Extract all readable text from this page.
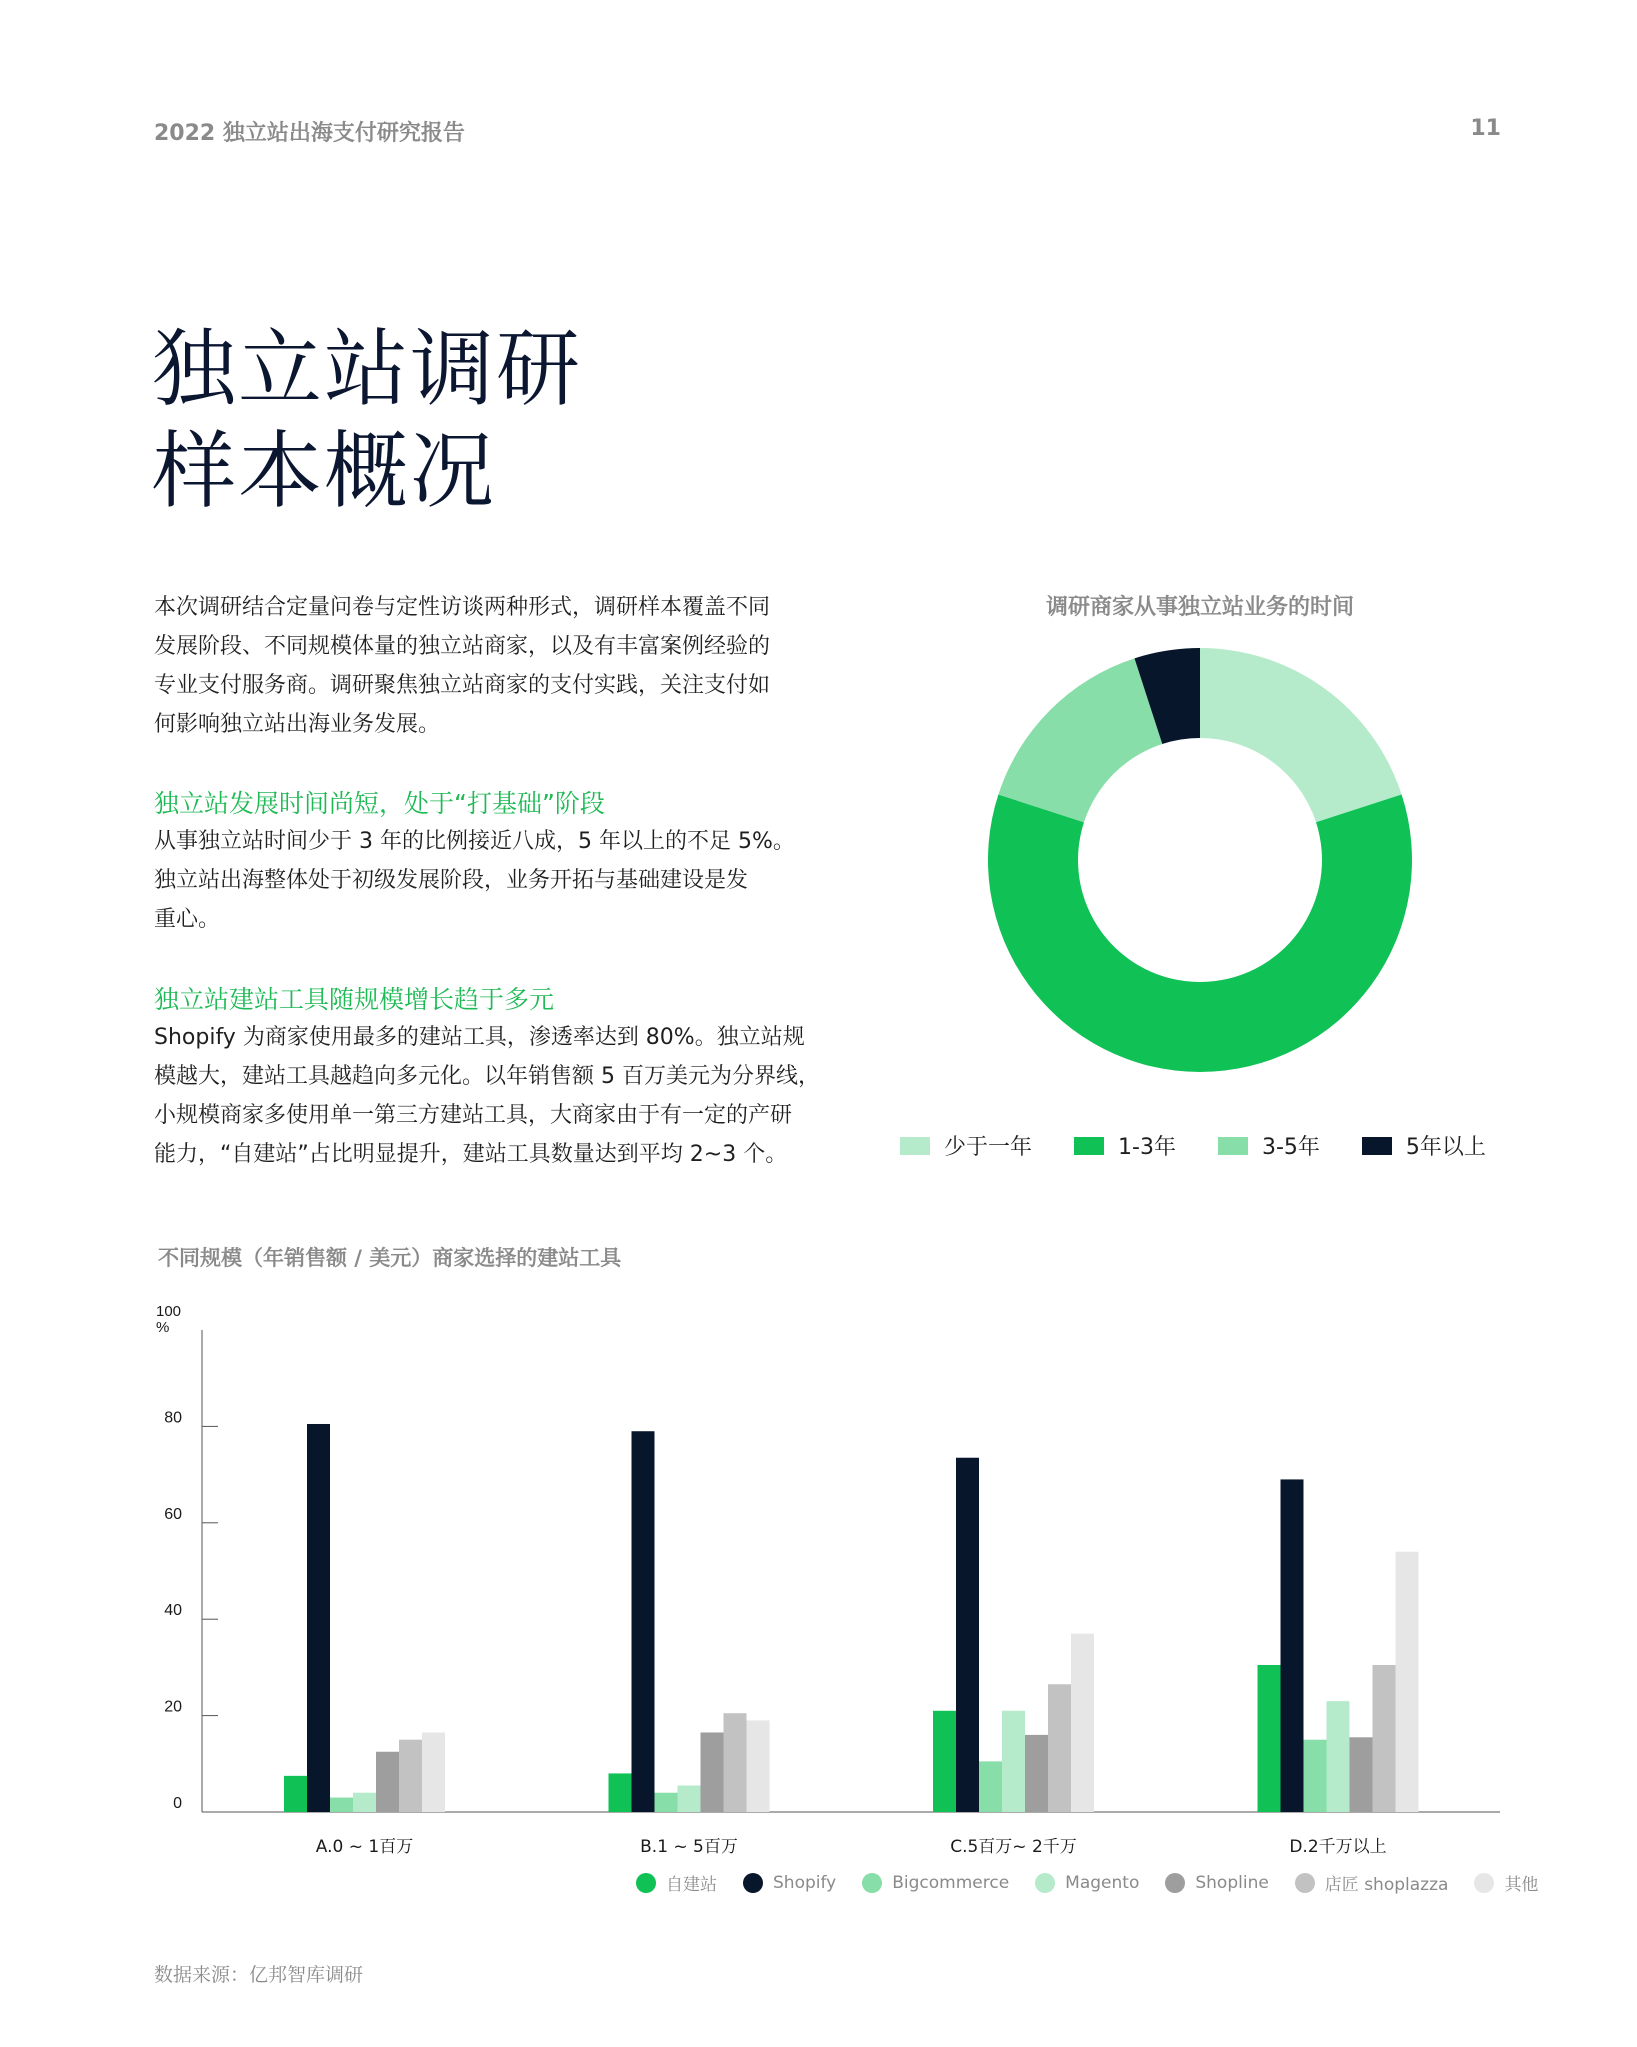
2022 独立站出海支付研究报告	11
独立站调研
样本概况
本次调研结合定量问卷与定性访谈两种形式，调研样本覆盖不同
发展阶段、不同规模体量的独立站商家，以及有丰富案例经验的
专业支付服务商。调研聚焦独立站商家的支付实践，关注支付如
何影响独立站出海业务发展。
独立站发展时间尚短，处于“打基础”阶段
从事独立站时间少于 3 年的比例接近八成，5 年以上的不足 5%。
独立站出海整体处于初级发展阶段，业务开拓与基础建设是发
重心。
独立站建站工具随规模增长趋于多元
Shopify 为商家使用最多的建站工具，渗透率达到 80%。独立站规
模越大，建站工具越趋向多元化。以年销售额 5 百万美元为分界线，
小规模商家多使用单一第三方建站工具，大商家由于有一定的产研
能力，“自建站”占比明显提升，建站工具数量达到平均 2~3 个。
调研商家从事独立站业务的时间
少于一年	1-3年	3-5年	5年以上
不同规模（年销售额 / 美元）商家选择的建站工具
0
20
40
60
80
100
%
A.0 ~ 1百万	B.1 ~ 5百万	C.5百万~ 2千万	D.2千万以上
自建站	Shopify	Bigcommerce	Magento	Shopline	店匠 shoplazza	其他
数据来源：亿邦智库调研
